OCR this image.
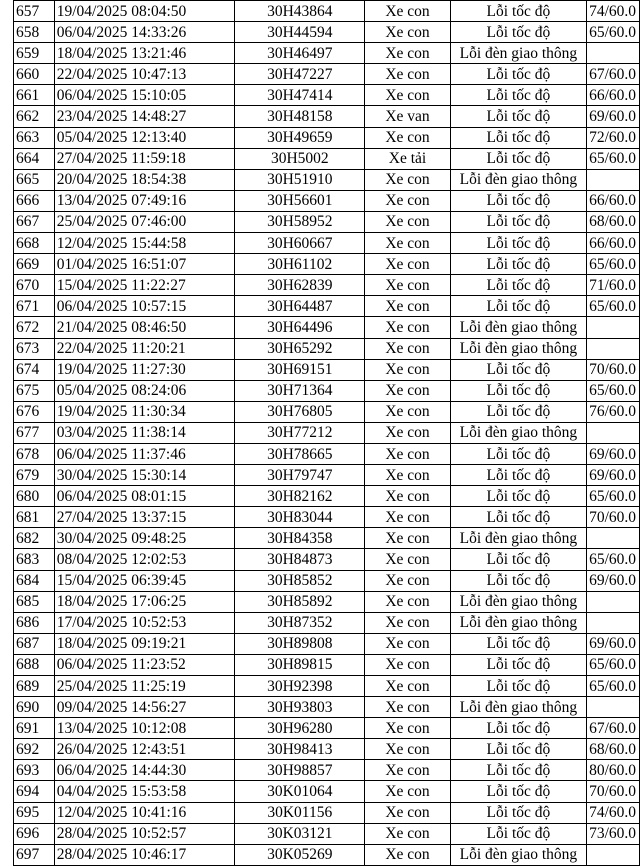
657	19/04/2025 08:04:50	30H43864	Xe con	Lỗi tốc độ	74/60.0
658	06/04/2025 14:33:26	30H44594	Xe con	Lỗi tốc độ	65/60.0
659	18/04/2025 13:21:46	30H46497	Xe con	Lỗi đèn giao thông	
660	22/04/2025 10:47:13	30H47227	Xe con	Lỗi tốc độ	67/60.0
661	06/04/2025 15:10:05	30H47414	Xe con	Lỗi tốc độ	66/60.0
662	23/04/2025 14:48:27	30H48158	Xe van	Lỗi tốc độ	69/60.0
663	05/04/2025 12:13:40	30H49659	Xe con	Lỗi tốc độ	72/60.0
664	27/04/2025 11:59:18	30H5002	Xe tải	Lỗi tốc độ	65/60.0
665	20/04/2025 18:54:38	30H51910	Xe con	Lỗi đèn giao thông	
666	13/04/2025 07:49:16	30H56601	Xe con	Lỗi tốc độ	66/60.0
667	25/04/2025 07:46:00	30H58952	Xe con	Lỗi tốc độ	68/60.0
668	12/04/2025 15:44:58	30H60667	Xe con	Lỗi tốc độ	66/60.0
669	01/04/2025 16:51:07	30H61102	Xe con	Lỗi tốc độ	65/60.0
670	15/04/2025 11:22:27	30H62839	Xe con	Lỗi tốc độ	71/60.0
671	06/04/2025 10:57:15	30H64487	Xe con	Lỗi tốc độ	65/60.0
672	21/04/2025 08:46:50	30H64496	Xe con	Lỗi đèn giao thông	
673	22/04/2025 11:20:21	30H65292	Xe con	Lỗi đèn giao thông	
674	19/04/2025 11:27:30	30H69151	Xe con	Lỗi tốc độ	70/60.0
675	05/04/2025 08:24:06	30H71364	Xe con	Lỗi tốc độ	65/60.0
676	19/04/2025 11:30:34	30H76805	Xe con	Lỗi tốc độ	76/60.0
677	03/04/2025 11:38:14	30H77212	Xe con	Lỗi đèn giao thông	
678	06/04/2025 11:37:46	30H78665	Xe con	Lỗi tốc độ	69/60.0
679	30/04/2025 15:30:14	30H79747	Xe con	Lỗi tốc độ	69/60.0
680	06/04/2025 08:01:15	30H82162	Xe con	Lỗi tốc độ	65/60.0
681	27/04/2025 13:37:15	30H83044	Xe con	Lỗi tốc độ	70/60.0
682	30/04/2025 09:48:25	30H84358	Xe con	Lỗi đèn giao thông	
683	08/04/2025 12:02:53	30H84873	Xe con	Lỗi tốc độ	65/60.0
684	15/04/2025 06:39:45	30H85852	Xe con	Lỗi tốc độ	69/60.0
685	18/04/2025 17:06:25	30H85892	Xe con	Lỗi đèn giao thông	
686	17/04/2025 10:52:53	30H87352	Xe con	Lỗi đèn giao thông	
687	18/04/2025 09:19:21	30H89808	Xe con	Lỗi tốc độ	69/60.0
688	06/04/2025 11:23:52	30H89815	Xe con	Lỗi tốc độ	65/60.0
689	25/04/2025 11:25:19	30H92398	Xe con	Lỗi tốc độ	65/60.0
690	09/04/2025 14:56:27	30H93803	Xe con	Lỗi đèn giao thông	
691	13/04/2025 10:12:08	30H96280	Xe con	Lỗi tốc độ	67/60.0
692	26/04/2025 12:43:51	30H98413	Xe con	Lỗi tốc độ	68/60.0
693	06/04/2025 14:44:30	30H98857	Xe con	Lỗi tốc độ	80/60.0
694	04/04/2025 15:53:58	30K01064	Xe con	Lỗi tốc độ	70/60.0
695	12/04/2025 10:41:16	30K01156	Xe con	Lỗi tốc độ	74/60.0
696	28/04/2025 10:52:57	30K03121	Xe con	Lỗi tốc độ	73/60.0
697	28/04/2025 10:46:17	30K05269	Xe con	Lỗi đèn giao thông	
